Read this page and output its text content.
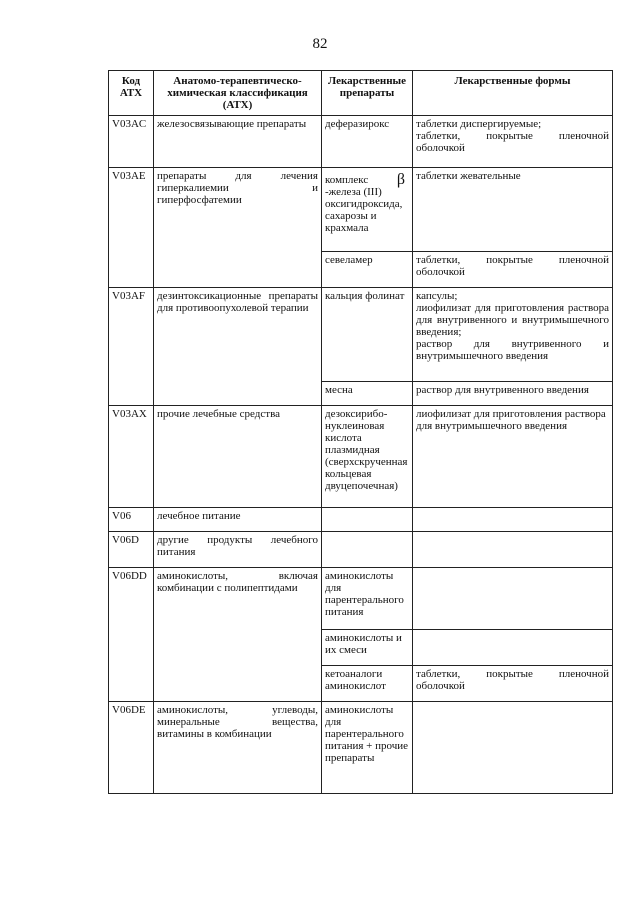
82
Код АТХ	Анатомо-терапевтическо-химическая классификация (АТХ)	Лекарственные препараты	Лекарственные формы
V03AC	железосвязывающие препараты	деферазирокс	таблетки диспергируемые;
таблетки, покрытые пленочной оболочкой

V03AE	препараты для лечения гиперкалиемии и гиперфосфатемии	комплекс β
-железа (III) оксигидроксида, сахарозы и крахмала	таблетки жевательные
		севеламер	таблетки, покрытые пленочной оболочкой
V03AF	дезинтоксикационные препараты для противоопухолевой терапии	кальция фолинат	капсулы;
лиофилизат для приготовления раствора для внутривенного и внутримышечного введения;
раствор для внутривенного и внутримышечного введения

		месна	раствор для внутривенного введения
V03AX	прочие лечебные средства	дезоксирибо-нуклеиновая кислота плазмидная (сверхскрученная кольцевая двуцепочечная)	лиофилизат для приготовления раствора для внутримышечного введения
V06	лечебное питание		
V06D	другие продукты лечебного питания		
V06DD	аминокислоты, включая комбинации с полипептидами	аминокислоты для парентерального питания	
		аминокислоты и их смеси	
		кетоаналоги аминокислот	таблетки, покрытые пленочной оболочкой
V06DE	аминокислоты, углеводы, минеральные вещества, витамины в комбинации	аминокислоты для парентерального питания + прочие препараты	
